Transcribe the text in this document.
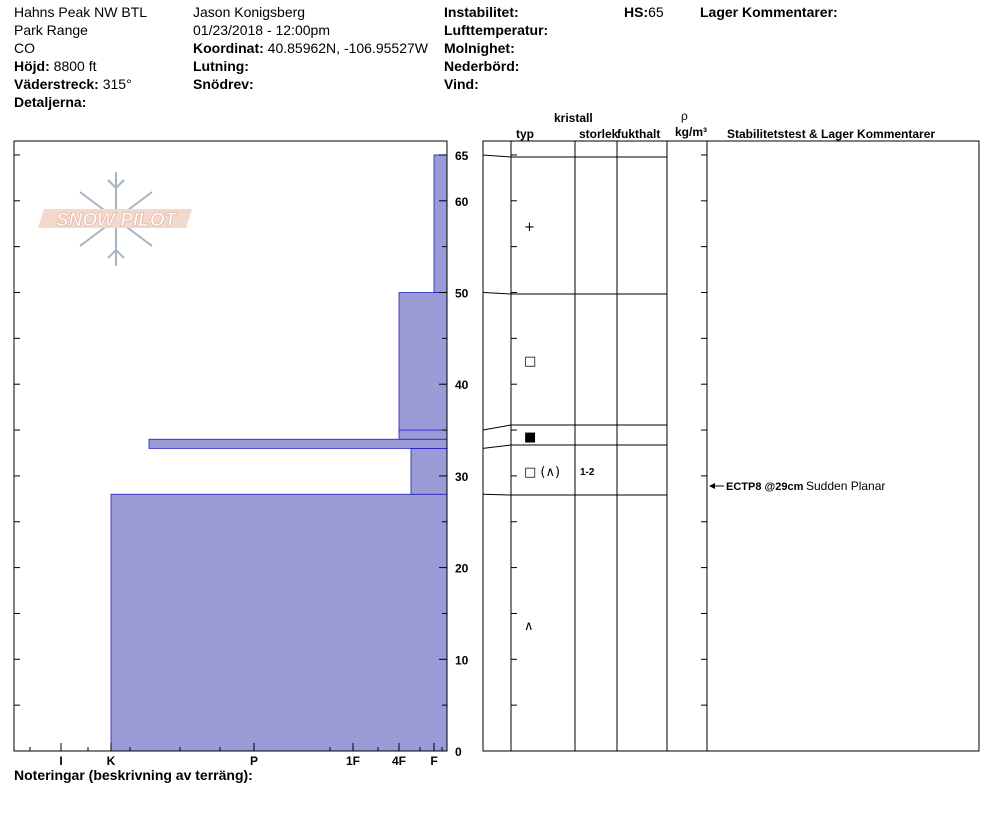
Hahns Peak NW BTL
Park Range
CO
Höjd: 8800 ft
Väderstreck: 315°
Detaljerna:
Jason Konigsberg
01/23/2018 - 12:00pm
Koordinat: 40.85962N, -106.95527W
Lutning:
Snödrev:
Instabilitet:
Lufttemperatur:
Molnighet:
Nederbörd:
Vind:
HS:65	Lager Kommentarer:
kristall
typ	storlek
fukthalt
ρ
kg/m³ Stabilitetstest & Lager Kommentarer
Noteringar (beskrivning av terräng):
SNOW PILOT
0
10
20
30
40
50
60
65
I	K	P	1F	4F F
+
□
■
□ (∧) 1-2
∧
ECTP8 @29cm Sudden Planar
